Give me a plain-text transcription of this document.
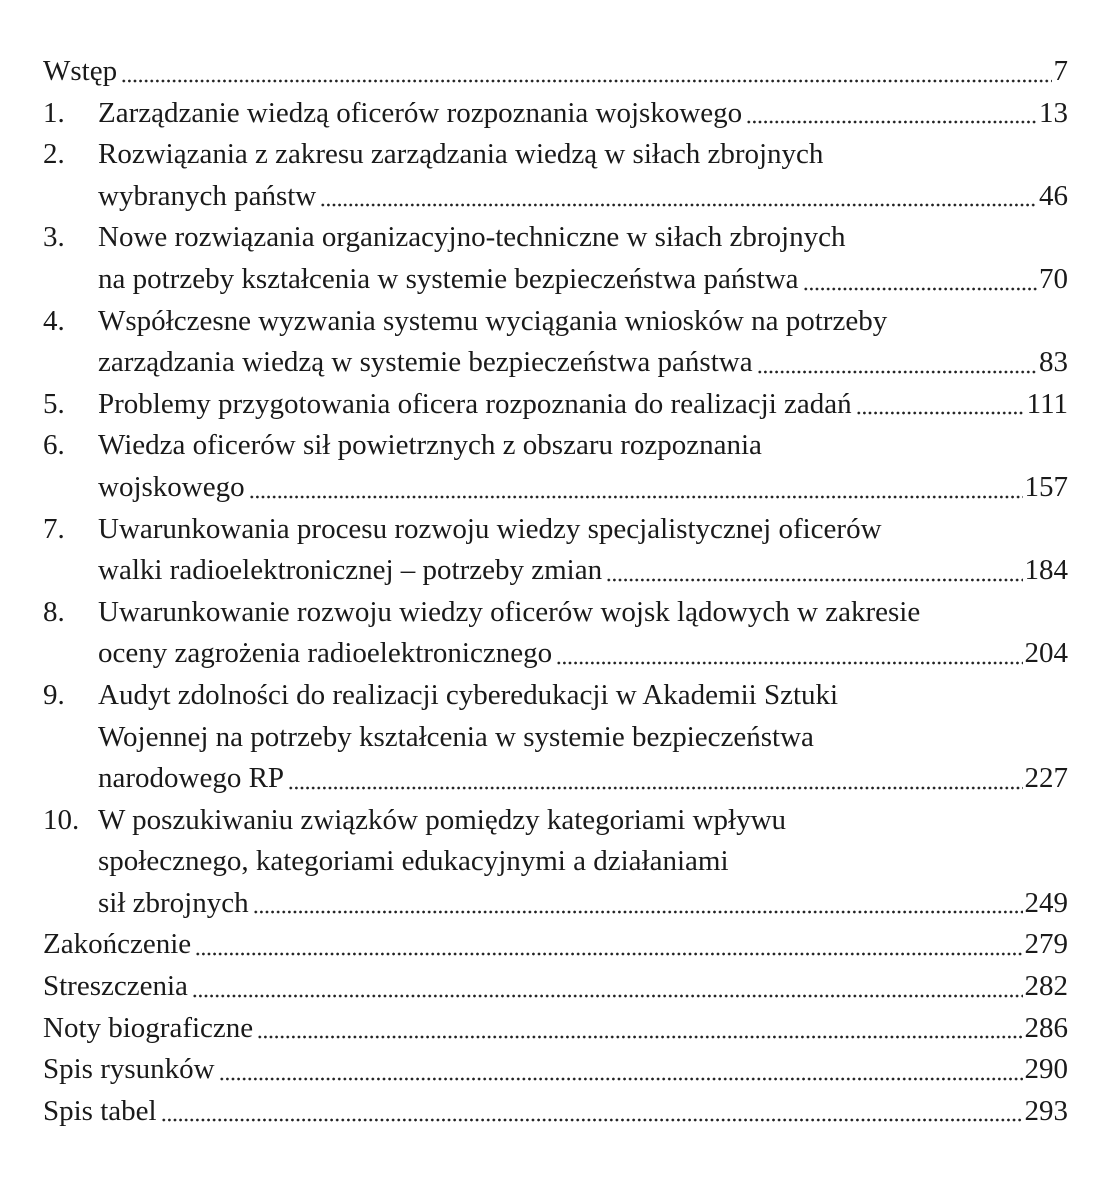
Wstęp	7
1.	Zarządzanie wiedzą oficerów rozpoznania wojskowego	13
2.	Rozwiązania z zakresu zarządzania wiedzą w siłach zbrojnych
wybranych państw	46
3.	Nowe rozwiązania organizacyjno-techniczne w siłach zbrojnych
na potrzeby kształcenia w systemie bezpieczeństwa państwa	70
4.	Współczesne wyzwania systemu wyciągania wniosków na potrzeby
zarządzania wiedzą w systemie bezpieczeństwa państwa	83
5.	Problemy przygotowania oficera rozpoznania do realizacji zadań	111
6.	Wiedza oficerów sił powietrznych z obszaru rozpoznania
wojskowego	157
7.	Uwarunkowania procesu rozwoju wiedzy specjalistycznej oficerów
walki radioelektronicznej – potrzeby zmian	184
8.	Uwarunkowanie rozwoju wiedzy oficerów wojsk lądowych w zakresie
oceny zagrożenia radioelektronicznego	204
9.	Audyt zdolności do realizacji cyberedukacji w Akademii Sztuki
Wojennej na potrzeby kształcenia w systemie bezpieczeństwa
narodowego RP	227
10. W poszukiwaniu związków pomiędzy kategoriami wpływu
społecznego, kategoriami edukacyjnymi a działaniami
sił zbrojnych	249
Zakończenie	279
Streszczenia	282
Noty biograficzne	286
Spis rysunków	290
Spis tabel	293
